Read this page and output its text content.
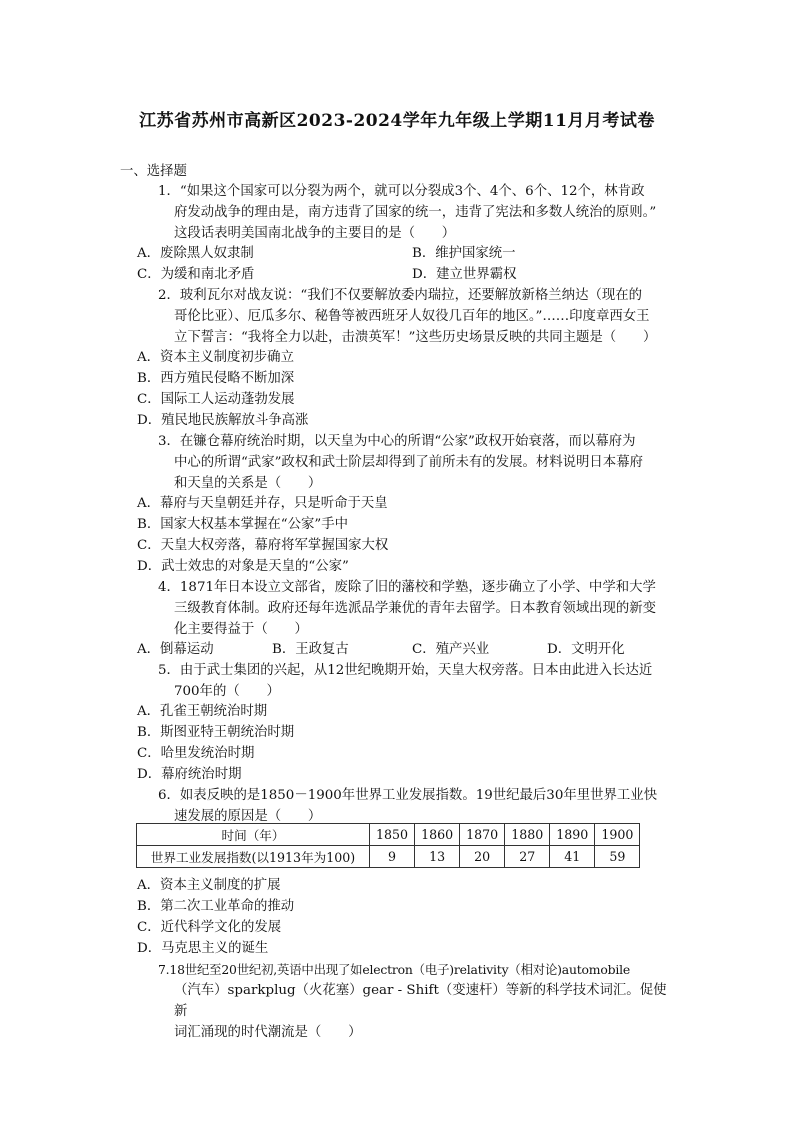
江苏省苏州市高新区2023-2024学年九年级上学期11月月考试卷
一、选择题
1．“如果这个国家可以分裂为两个，就可以分裂成3个、4个、6个、12个，林肯政
府发动战争的理由是，南方违背了国家的统一，违背了宪法和多数人统治的原则。”
这段话表明美国南北战争的主要目的是（　　）
A．废除黑人奴隶制	B．维护国家统一
C．为缓和南北矛盾	D．建立世界霸权
2．玻利瓦尔对战友说：“我们不仅要解放委内瑞拉，还要解放新格兰纳达（现在的
哥伦比亚）、厄瓜多尔、秘鲁等被西班牙人奴役几百年的地区。”……印度章西女王
立下誓言：“我将全力以赴，击溃英军！”这些历史场景反映的共同主题是（　　）
A．资本主义制度初步确立
B．西方殖民侵略不断加深
C．国际工人运动蓬勃发展
D．殖民地民族解放斗争高涨
3．在镰仓幕府统治时期，以天皇为中心的所谓“公家”政权开始衰落，而以幕府为
中心的所谓“武家”政权和武士阶层却得到了前所未有的发展。材料说明日本幕府
和天皇的关系是（　　）
A．幕府与天皇朝廷并存，只是听命于天皇
B．国家大权基本掌握在“公家”手中
C．天皇大权旁落，幕府将军掌握国家大权
D．武士效忠的对象是天皇的“公家”
4．1871年日本设立文部省，废除了旧的藩校和学塾，逐步确立了小学、中学和大学
三级教育体制。政府还每年选派品学兼优的青年去留学。日本教育领域出现的新变
化主要得益于（　　）
A．倒幕运动	B．王政复古	C．殖产兴业	D．文明开化
5．由于武士集团的兴起，从12世纪晚期开始，天皇大权旁落。日本由此进入长达近
700年的（　　）
A．孔雀王朝统治时期
B．斯图亚特王朝统治时期
C．哈里发统治时期
D．幕府统治时期
6．如表反映的是1850－1900年世界工业发展指数。19世纪最后30年里世界工业快
速发展的原因是（　　）
时间（年）	1850	1860	1870	1880	1890	1900
世界工业发展指数(以1913年为100)	9	13	20	27	41	59
A．资本主义制度的扩展
B．第二次工业革命的推动
C．近代科学文化的发展
D．马克思主义的诞生
7.18世纪至20世纪初,英语中出现了如electron（电子)relativity（相对论)automobile
（汽车）sparkplug（火花塞）gear - Shift（变速杆）等新的科学技术词汇。促使新
词汇涌现的时代潮流是（　　）
